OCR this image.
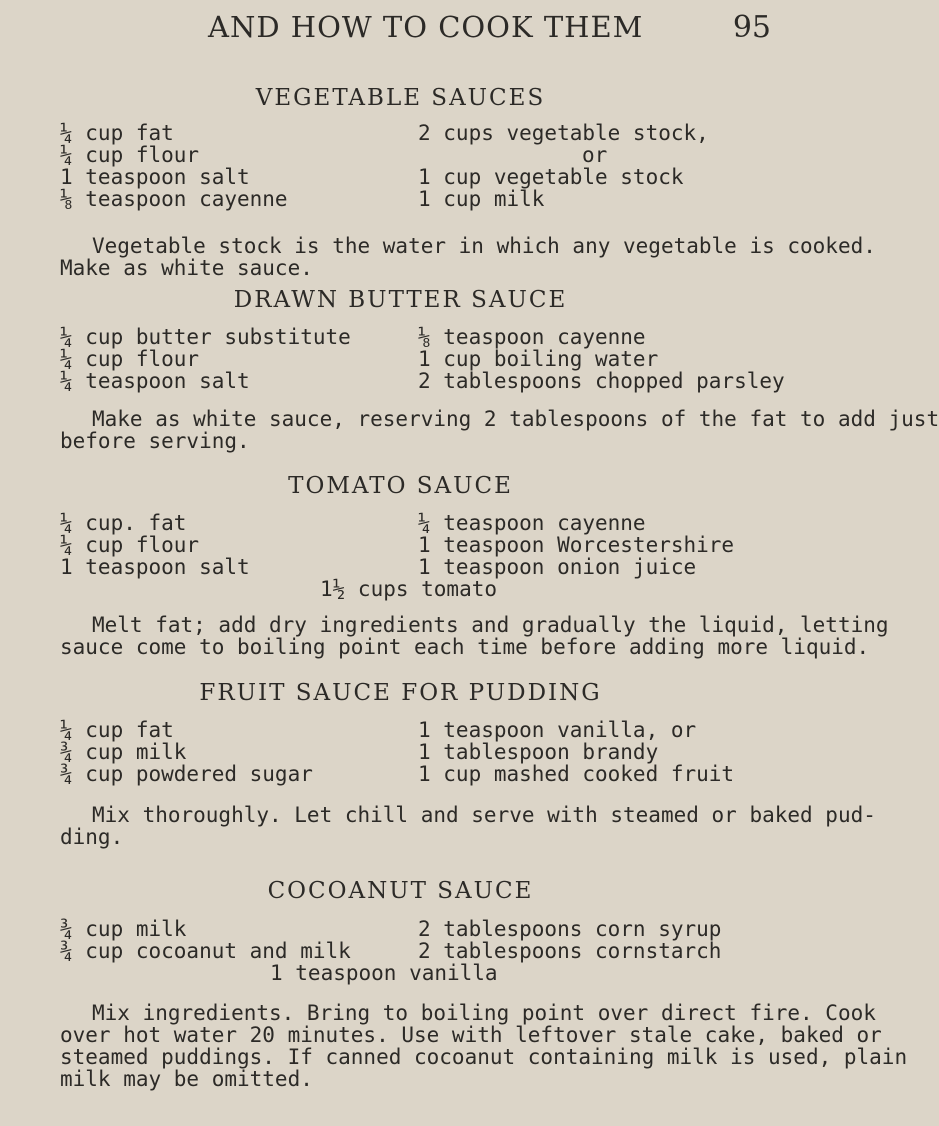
AND HOW TO COOK THEM	95
VEGETABLE SAUCES
¼ cup fat
¼ cup flour
1 teaspoon salt
⅛ teaspoon cayenne
2 cups vegetable stock,
or
1 cup vegetable stock
1 cup milk
Vegetable stock is the water in which any vegetable is cooked.
Make as white sauce.
DRAWN BUTTER SAUCE
¼ cup butter substitute
¼ cup flour
¼ teaspoon salt
⅛ teaspoon cayenne
1 cup boiling water
2 tablespoons chopped parsley
Make as white sauce, reserving 2 tablespoons of the fat to add just
before serving.
TOMATO SAUCE
¼ cup. fat
¼ cup flour
1 teaspoon salt
¼ teaspoon cayenne
1 teaspoon Worcestershire
1 teaspoon onion juice
1½ cups tomato
Melt fat; add dry ingredients and gradually the liquid, letting
sauce come to boiling point each time before adding more liquid.
FRUIT SAUCE FOR PUDDING
¼ cup fat
¾ cup milk
¾ cup powdered sugar
1 teaspoon vanilla, or
1 tablespoon brandy
1 cup mashed cooked fruit
Mix thoroughly. Let chill and serve with steamed or baked pud-
ding.
COCOANUT SAUCE
¾ cup milk
¾ cup cocoanut and milk
2 tablespoons corn syrup
2 tablespoons cornstarch
1 teaspoon vanilla
Mix ingredients. Bring to boiling point over direct fire. Cook
over hot water 20 minutes. Use with leftover stale cake, baked or
steamed puddings. If canned cocoanut containing milk is used, plain
milk may be omitted.
